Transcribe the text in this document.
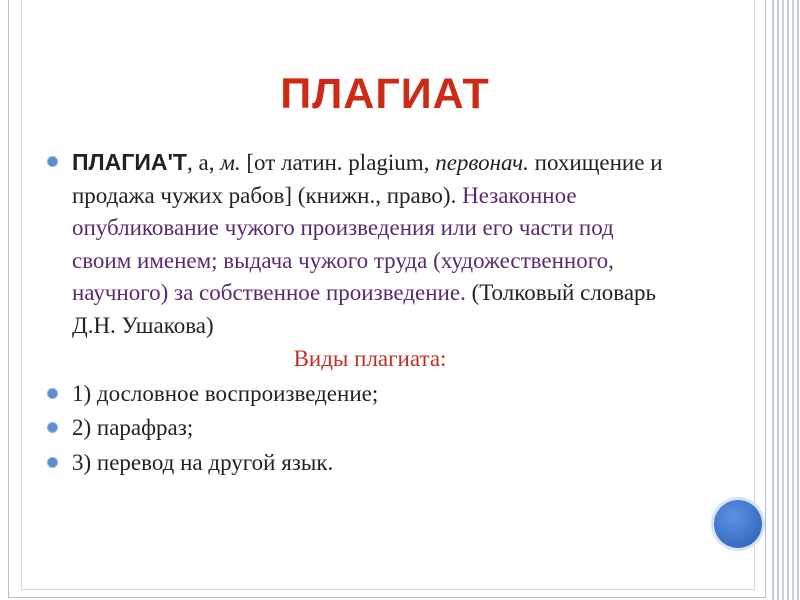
ПЛАГИАТ
ПЛАГИА'Т, а, м. [от латин. plagium, первонач. похищение и продажа чужих рабов] (книжн., право). Незаконное опубликование чужого произведения или его части под своим именем; выдача чужого труда (художественного, научного) за собственное произведение. (Толковый словарь Д.Н. Ушакова)
Виды плагиата:
1) дословное воспроизведение;
2) парафраз;
3) перевод на другой язык.
